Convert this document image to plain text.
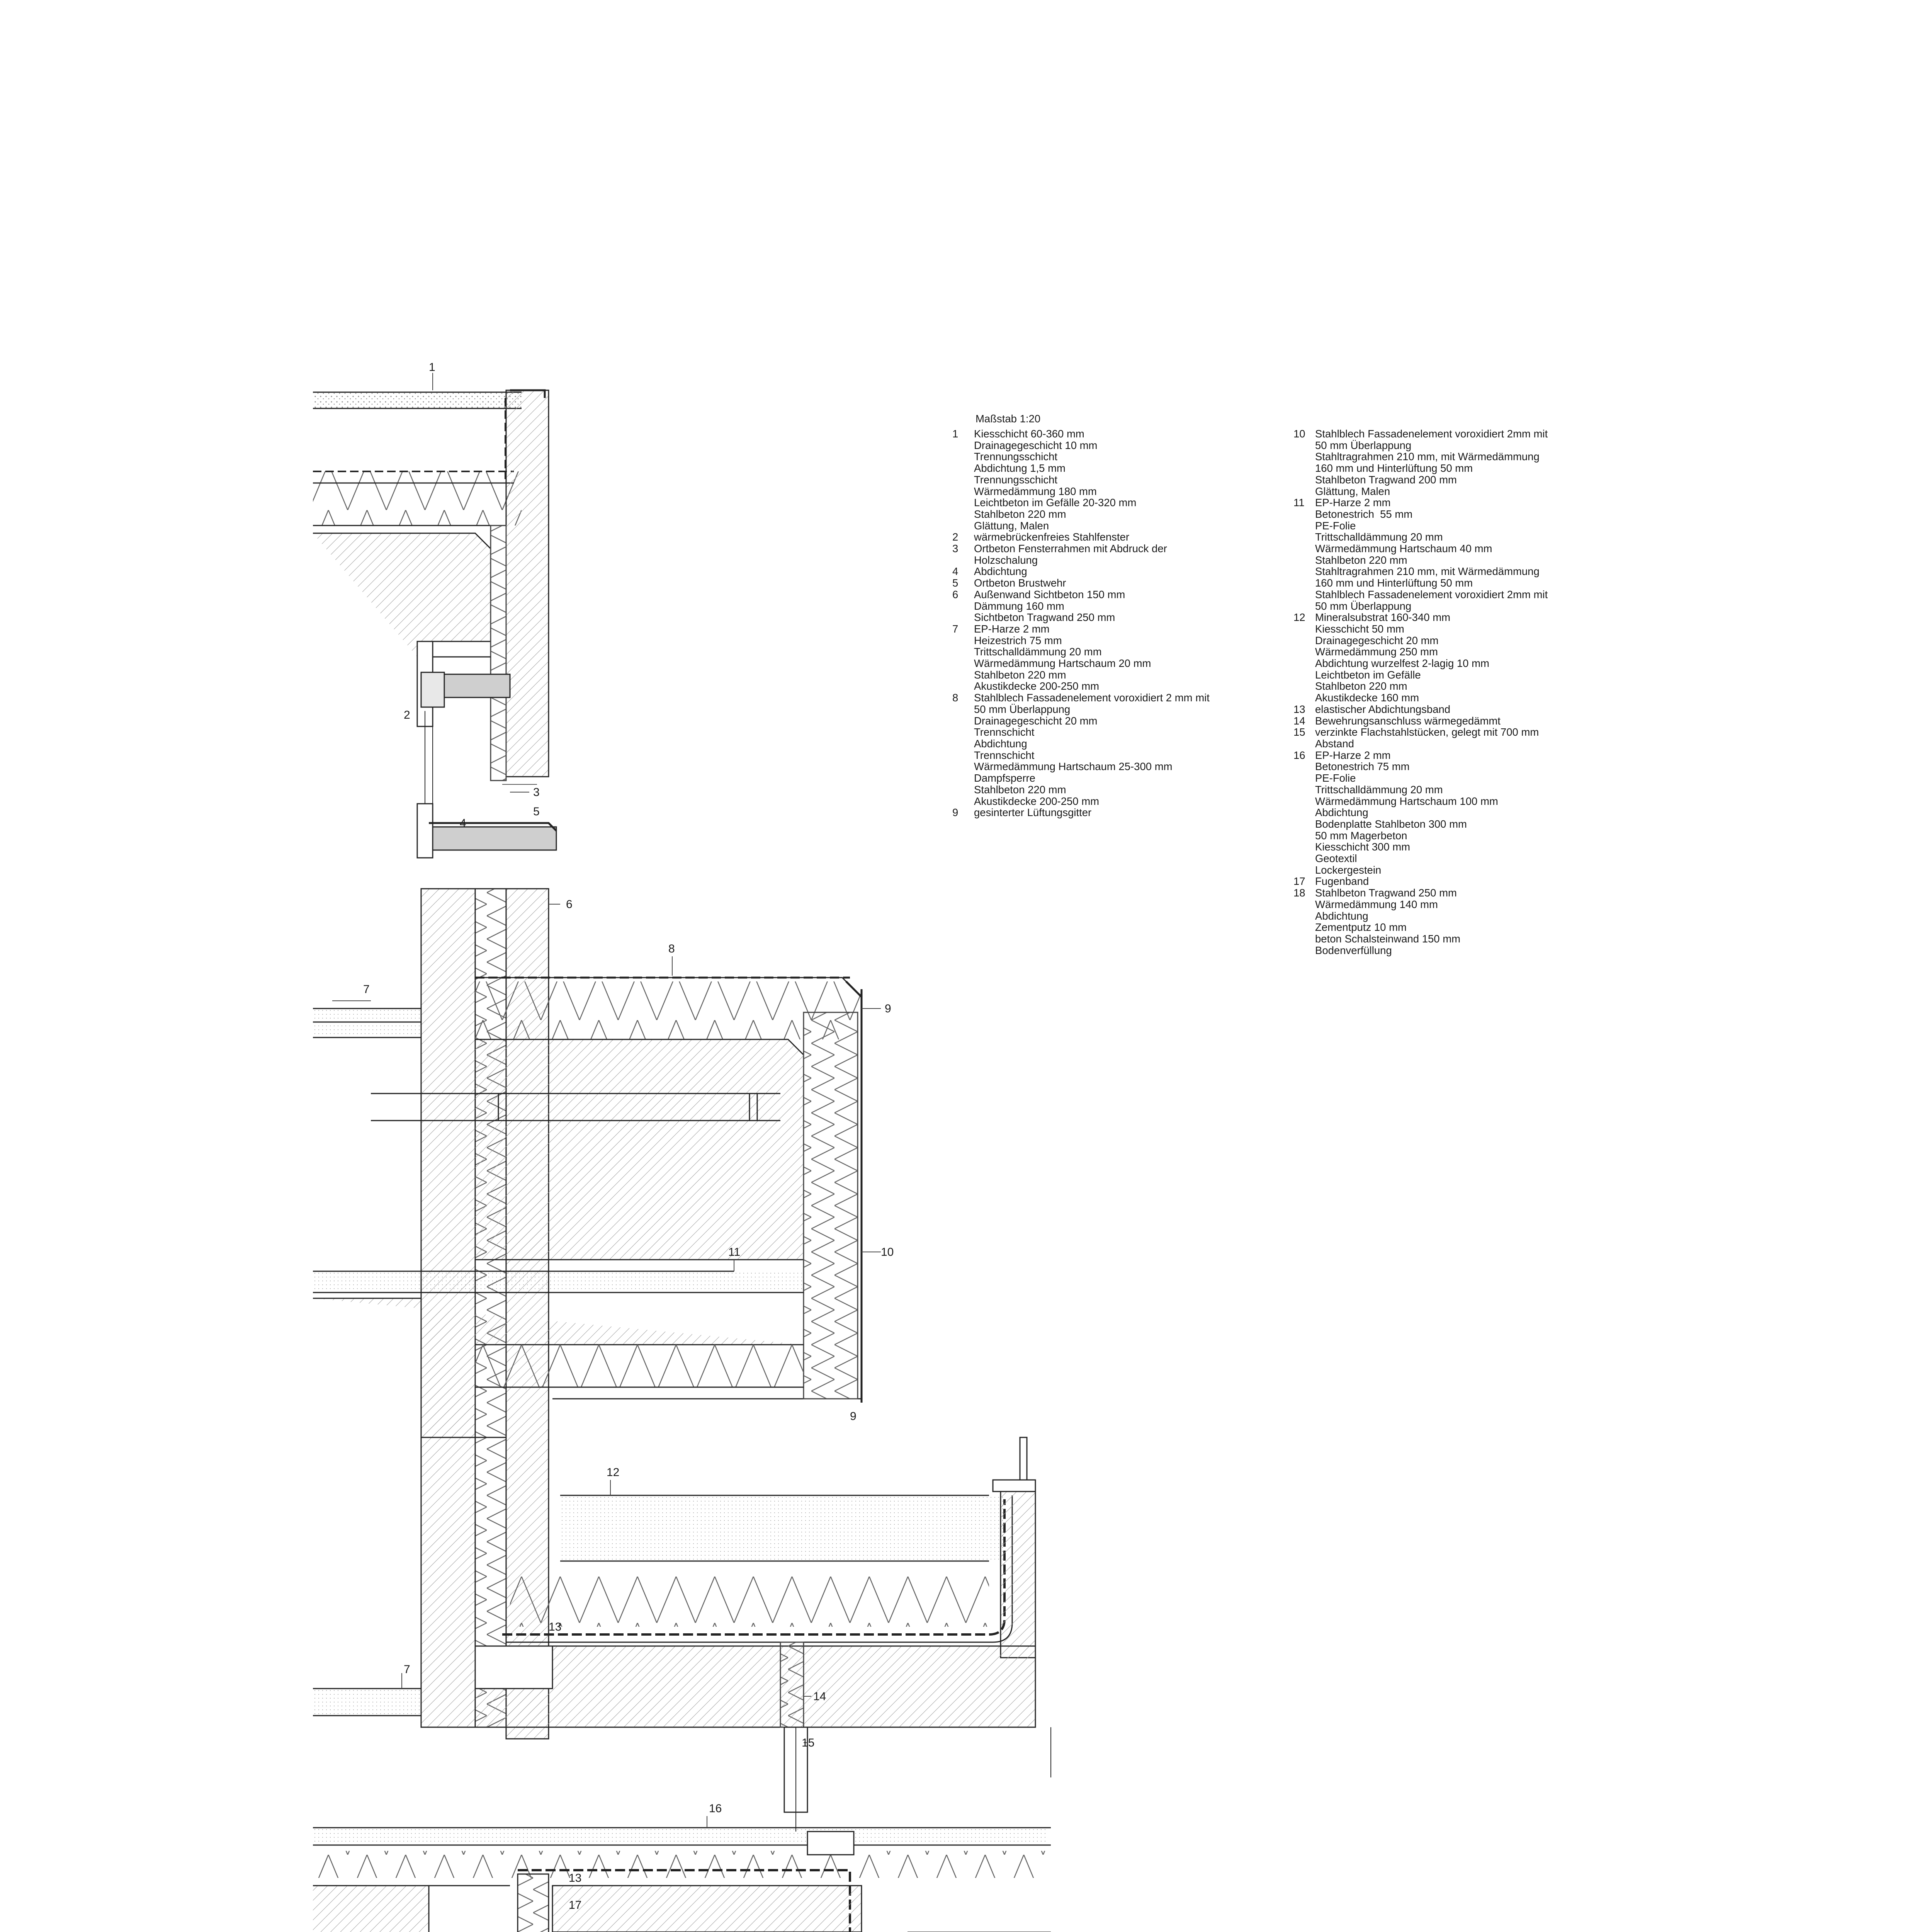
1
2
3
4
5
6
7
8
9
9
10
11
12
13
7
14
15
16
13
17
Maßstab 1:20
1	Kiesschicht 60-360 mm
Drainagegeschicht 10 mm
Trennungsschicht
Abdichtung 1,5 mm
Trennungsschicht
Wärmedämmung 180 mm
Leichtbeton im Gefälle 20-320 mm
Stahlbeton 220 mm
Glättung, Malen
2	wärmebrückenfreies Stahlfenster
3	Ortbeton Fensterrahmen mit Abdruck der
Holzschalung
4	Abdichtung
5	Ortbeton Brustwehr
6	Außenwand Sichtbeton 150 mm
Dämmung 160 mm
Sichtbeton Tragwand 250 mm
7	EP-Harze 2 mm
Heizestrich 75 mm
Trittschalldämmung 20 mm
Wärmedämmung Hartschaum 20 mm
Stahlbeton 220 mm
Akustikdecke 200-250 mm
8	Stahlblech Fassadenelement voroxidiert 2 mm mit
50 mm Überlappung
Drainagegeschicht 20 mm
Trennschicht
Abdichtung
Trennschicht
Wärmedämmung Hartschaum 25-300 mm
Dampfsperre
Stahlbeton 220 mm
Akustikdecke 200-250 mm
9	gesinterter Lüftungsgitter
10 Stahlblech Fassadenelement voroxidiert 2mm mit
50 mm Überlappung
Stahltragrahmen 210 mm, mit Wärmedämmung
160 mm und Hinterlüftung 50 mm
Stahlbeton Tragwand 200 mm
Glättung, Malen
11 EP-Harze 2 mm
Betonestrich  55 mm
PE-Folie
Trittschalldämmung 20 mm
Wärmedämmung Hartschaum 40 mm
Stahlbeton 220 mm
Stahltragrahmen 210 mm, mit Wärmedämmung
160 mm und Hinterlüftung 50 mm
Stahlblech Fassadenelement voroxidiert 2mm mit
50 mm Überlappung
12 Mineralsubstrat 160-340 mm
Kiesschicht 50 mm
Drainagegeschicht 20 mm
Wärmedämmung 250 mm
Abdichtung wurzelfest 2-lagig 10 mm
Leichtbeton im Gefälle
Stahlbeton 220 mm
Akustikdecke 160 mm
13 elastischer Abdichtungsband
14 Bewehrungsanschluss wärmegedämmt
15 verzinkte Flachstahlstücken, gelegt mit 700 mm
Abstand
16 EP-Harze 2 mm
Betonestrich 75 mm
PE-Folie
Trittschalldämmung 20 mm
Wärmedämmung Hartschaum 100 mm
Abdichtung
Bodenplatte Stahlbeton 300 mm
50 mm Magerbeton
Kiesschicht 300 mm
Geotextil
Lockergestein
17 Fugenband
18 Stahlbeton Tragwand 250 mm
Wärmedämmung 140 mm
Abdichtung
Zementputz 10 mm
beton Schalsteinwand 150 mm
Bodenverfüllung
